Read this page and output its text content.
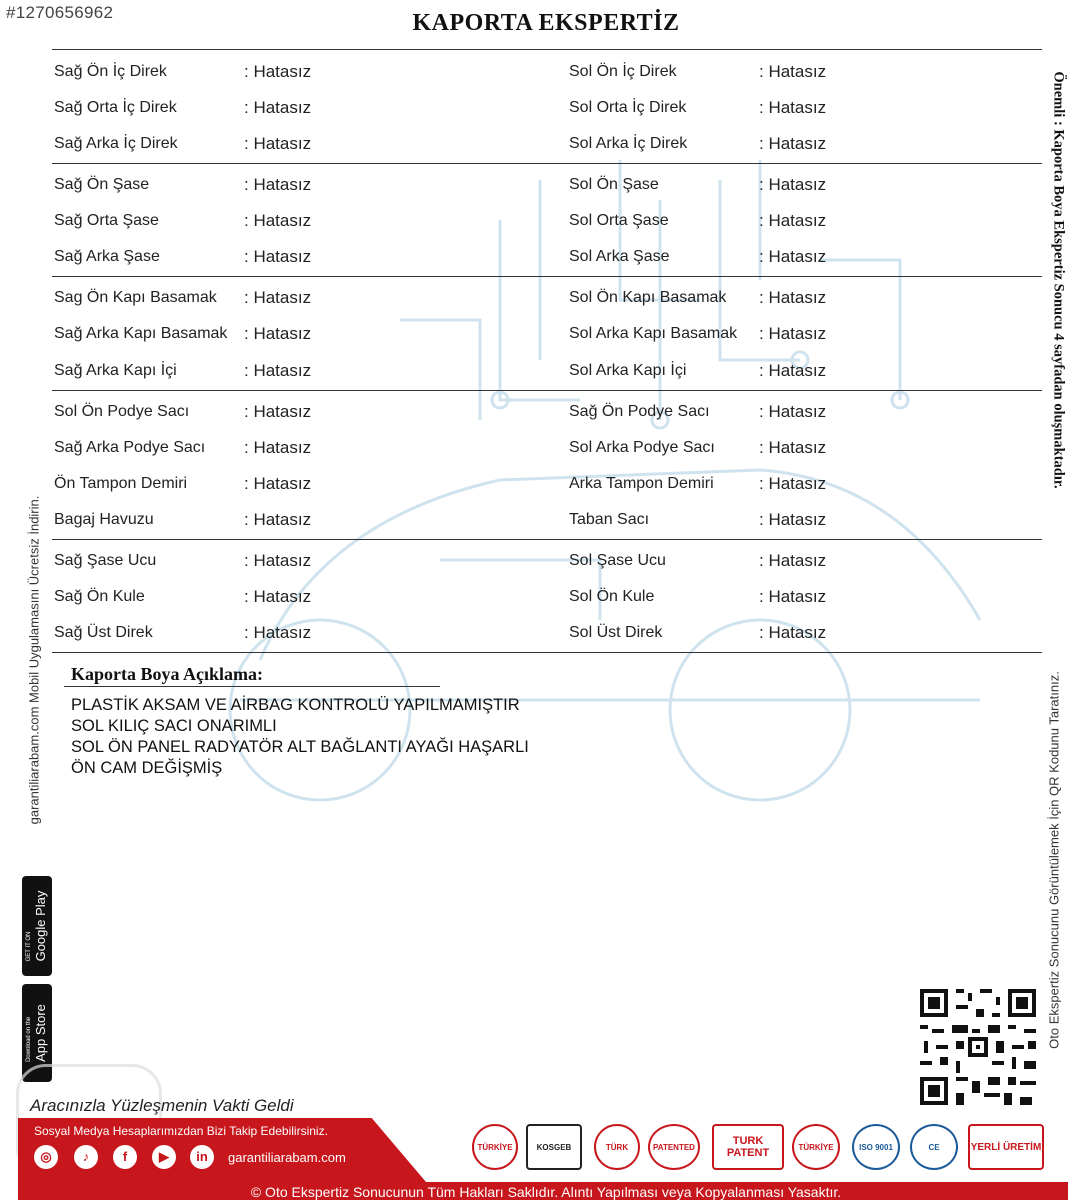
#1270656962	KAPORTA EKSPERTİZ
Sağ Ön İç Direk	: Hatasız	Sol Ön İç Direk	: Hatasız
Sağ Orta İç Direk	: Hatasız	Sol Orta İç Direk	: Hatasız
Sağ Arka İç Direk	: Hatasız	Sol Arka İç Direk	: Hatasız
Sağ Ön Şase	: Hatasız	Sol Ön Şase	: Hatasız
Sağ Orta Şase	: Hatasız	Sol Orta Şase	: Hatasız
Sağ Arka Şase	: Hatasız	Sol Arka Şase	: Hatasız
Sag Ön Kapı Basamak : Hatasız	Sol Ön Kapı Basamak : Hatasız
Sağ Arka Kapı Basamak : Hatasız	Sol Arka Kapı Basamak : Hatasız
Sağ Arka Kapı İçi	: Hatasız	Sol Arka Kapı İçi	: Hatasız
Sol Ön Podye Sacı	: Hatasız	Sağ Ön Podye Sacı	: Hatasız
Sağ Arka Podye Sacı : Hatasız	Sol Arka Podye Sacı	: Hatasız
Ön Tampon Demiri	: Hatasız	Arka Tampon Demiri	: Hatasız
Bagaj Havuzu	: Hatasız	Taban Sacı	: Hatasız
Sağ Şase Ucu	: Hatasız	Sol Şase Ucu	: Hatasız
Sağ Ön Kule	: Hatasız	Sol Ön Kule	: Hatasız
Sağ Üst Direk	: Hatasız	Sol Üst Direk	: Hatasız
Kaporta Boya Açıklama:
PLASTİK AKSAM VE AİRBAG KONTROLÜ YAPILMAMIŞTIR
SOL KILIÇ SACI ONARIMLI
SOL ÖN PANEL RADYATÖR ALT BAĞLANTI AYAĞI HAŞARLI
ÖN CAM DEĞİŞMİŞ
Önemli : Kaporta Boya Ekspertiz Sonucu 4 sayfadan oluşmaktadır.
Oto Ekspertiz Sonucunu Görüntülemek İçin QR Kodunu Taratınız.
garantiliarabam.com Mobil Uygulamasını Ücretsiz İndirin.
GET IT ON Google Play
Download on the App Store
Aracınızla Yüzleşmenin Vakti Geldi
Sosyal Medya Hesaplarımızdan Bizi Takip Edebilirsiniz.
◎	♪	f	▶	in	garantiliarabam.com
TÜRKİYE	KOSGEB	TÜRK	PATENTED	TURK PATENT	TÜRKİYE	ISO 9001	CE	YERLİ ÜRETİM
© Oto Ekspertiz Sonucunun Tüm Hakları Saklıdır. Alıntı Yapılması veya Kopyalanması Yasaktır.
